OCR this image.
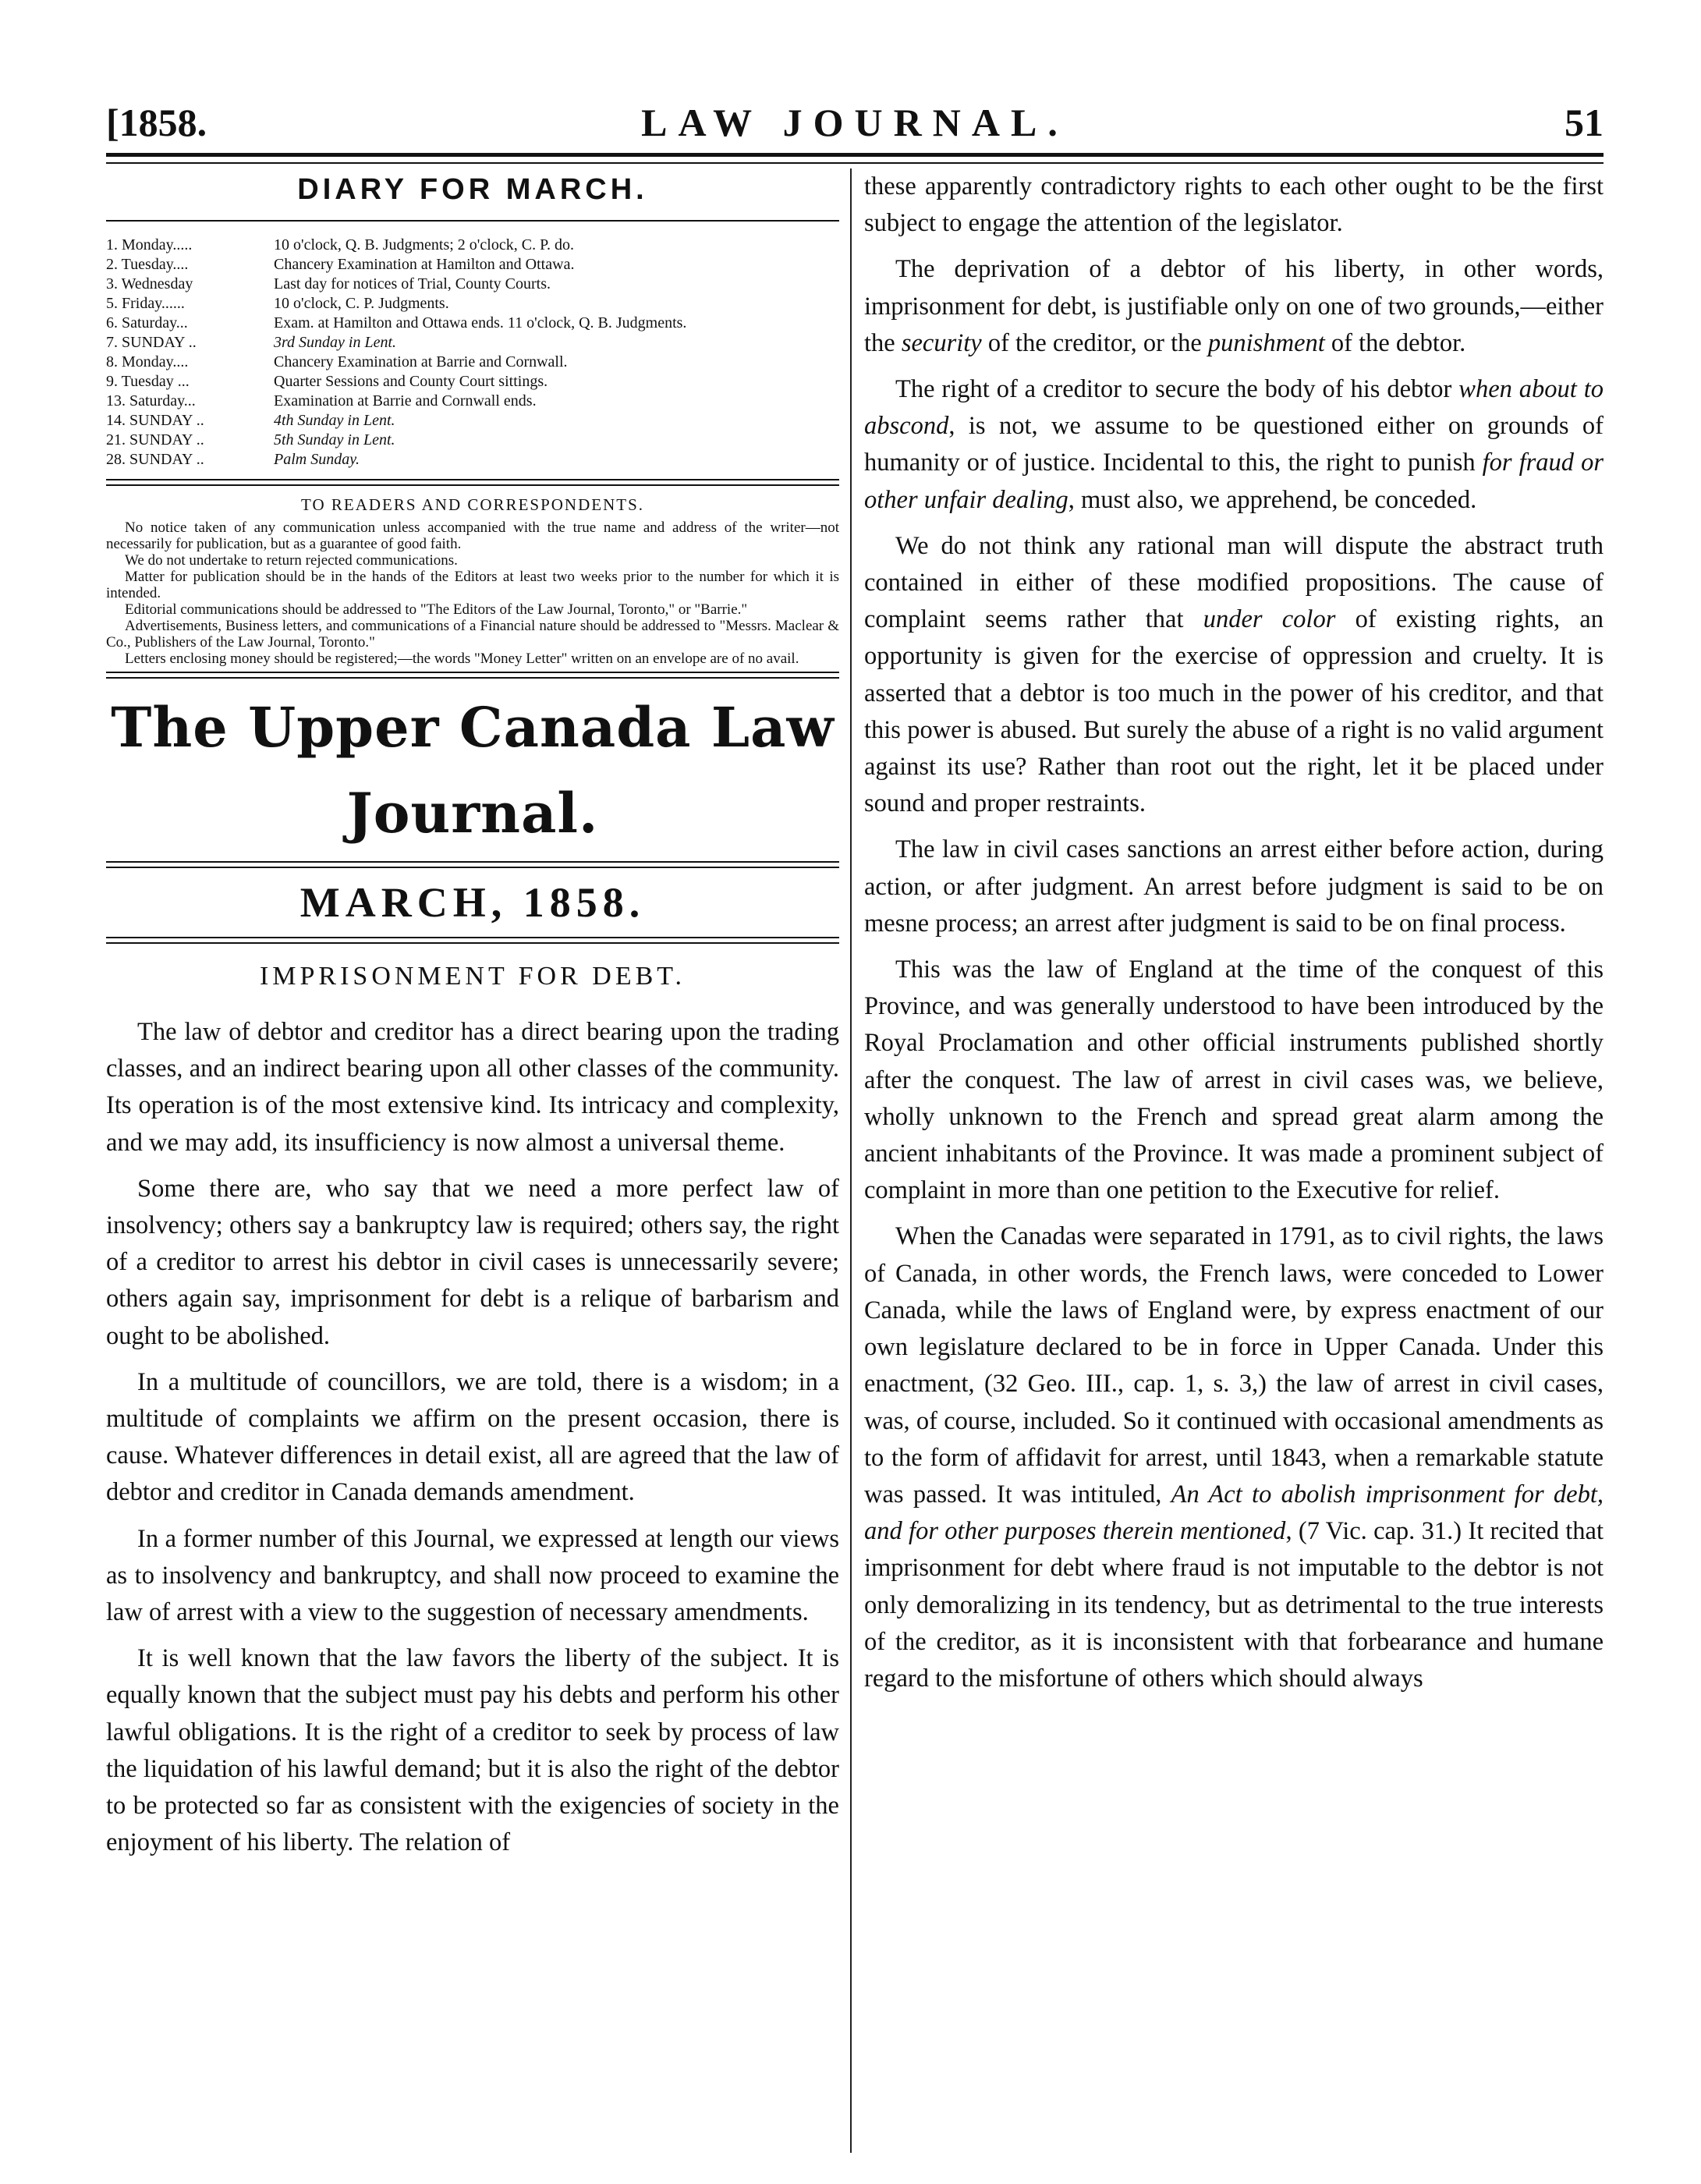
[1858.	LAW JOURNAL.	51
DIARY FOR MARCH.
1. Monday.....	10 o'clock, Q. B. Judgments; 2 o'clock, C. P. do.
2. Tuesday....	Chancery Examination at Hamilton and Ottawa.
3. Wednesday	Last day for notices of Trial, County Courts.
5. Friday......	10 o'clock, C. P. Judgments.
6. Saturday...	Exam. at Hamilton and Ottawa ends. 11 o'clock, Q. B. Judgments.
7. SUNDAY ..	3rd Sunday in Lent.
8. Monday....	Chancery Examination at Barrie and Cornwall.
9. Tuesday ...	Quarter Sessions and County Court sittings.
13. Saturday...	Examination at Barrie and Cornwall ends.
14. SUNDAY ..	4th Sunday in Lent.
21. SUNDAY ..	5th Sunday in Lent.
28. SUNDAY ..	Palm Sunday.
TO READERS AND CORRESPONDENTS.

No notice taken of any communication unless accompanied with the true name and address of the writer—not necessarily for publication, but as a guarantee of good faith.

We do not undertake to return rejected communications.

Matter for publication should be in the hands of the Editors at least two weeks prior to the number for which it is intended.

Editorial communications should be addressed to "The Editors of the Law Journal, Toronto," or "Barrie."

Advertisements, Business letters, and communications of a Financial nature should be addressed to "Messrs. Maclear & Co., Publishers of the Law Journal, Toronto."

Letters enclosing money should be registered;—the words "Money Letter" written on an envelope are of no avail.

The Upper Canada Law Journal.
MARCH, 1858.
IMPRISONMENT FOR DEBT.

The law of debtor and creditor has a direct bearing upon the trading classes, and an indirect bearing upon all other classes of the community. Its operation is of the most extensive kind. Its intricacy and complexity, and we may add, its insufficiency is now almost a universal theme.

Some there are, who say that we need a more perfect law of insolvency; others say a bankruptcy law is required; others say, the right of a creditor to arrest his debtor in civil cases is unnecessarily severe; others again say, imprisonment for debt is a relique of barbarism and ought to be abolished.

In a multitude of councillors, we are told, there is a wisdom; in a multitude of complaints we affirm on the present occasion, there is cause. Whatever differences in detail exist, all are agreed that the law of debtor and creditor in Canada demands amendment.

In a former number of this Journal, we expressed at length our views as to insolvency and bankruptcy, and shall now proceed to examine the law of arrest with a view to the suggestion of necessary amendments.

It is well known that the law favors the liberty of the subject. It is equally known that the subject must pay his debts and perform his other lawful obligations. It is the right of a creditor to seek by process of law the liquidation of his lawful demand; but it is also the right of the debtor to be protected so far as consistent with the exigencies of society in the enjoyment of his liberty. The relation of

these apparently contradictory rights to each other ought to be the first subject to engage the attention of the legislator.

The deprivation of a debtor of his liberty, in other words, imprisonment for debt, is justifiable only on one of two grounds,—either the security of the creditor, or the punishment of the debtor.

The right of a creditor to secure the body of his debtor when about to abscond, is not, we assume to be questioned either on grounds of humanity or of justice. Incidental to this, the right to punish for fraud or other unfair dealing, must also, we apprehend, be conceded.

We do not think any rational man will dispute the abstract truth contained in either of these modified propositions. The cause of complaint seems rather that under color of existing rights, an opportunity is given for the exercise of oppression and cruelty. It is asserted that a debtor is too much in the power of his creditor, and that this power is abused. But surely the abuse of a right is no valid argument against its use? Rather than root out the right, let it be placed under sound and proper restraints.

The law in civil cases sanctions an arrest either before action, during action, or after judgment. An arrest before judgment is said to be on mesne process; an arrest after judgment is said to be on final process.

This was the law of England at the time of the conquest of this Province, and was generally understood to have been introduced by the Royal Proclamation and other official instruments published shortly after the conquest. The law of arrest in civil cases was, we believe, wholly unknown to the French and spread great alarm among the ancient inhabitants of the Province. It was made a prominent subject of complaint in more than one petition to the Executive for relief.

When the Canadas were separated in 1791, as to civil rights, the laws of Canada, in other words, the French laws, were conceded to Lower Canada, while the laws of England were, by express enactment of our own legislature declared to be in force in Upper Canada. Under this enactment, (32 Geo. III., cap. 1, s. 3,) the law of arrest in civil cases, was, of course, included. So it continued with occasional amendments as to the form of affidavit for arrest, until 1843, when a remarkable statute was passed. It was intituled, An Act to abolish imprisonment for debt, and for other purposes therein mentioned, (7 Vic. cap. 31.) It recited that imprisonment for debt where fraud is not imputable to the debtor is not only demoralizing in its tendency, but as detrimental to the true interests of the creditor, as it is inconsistent with that forbearance and humane regard to the misfortune of others which should always
